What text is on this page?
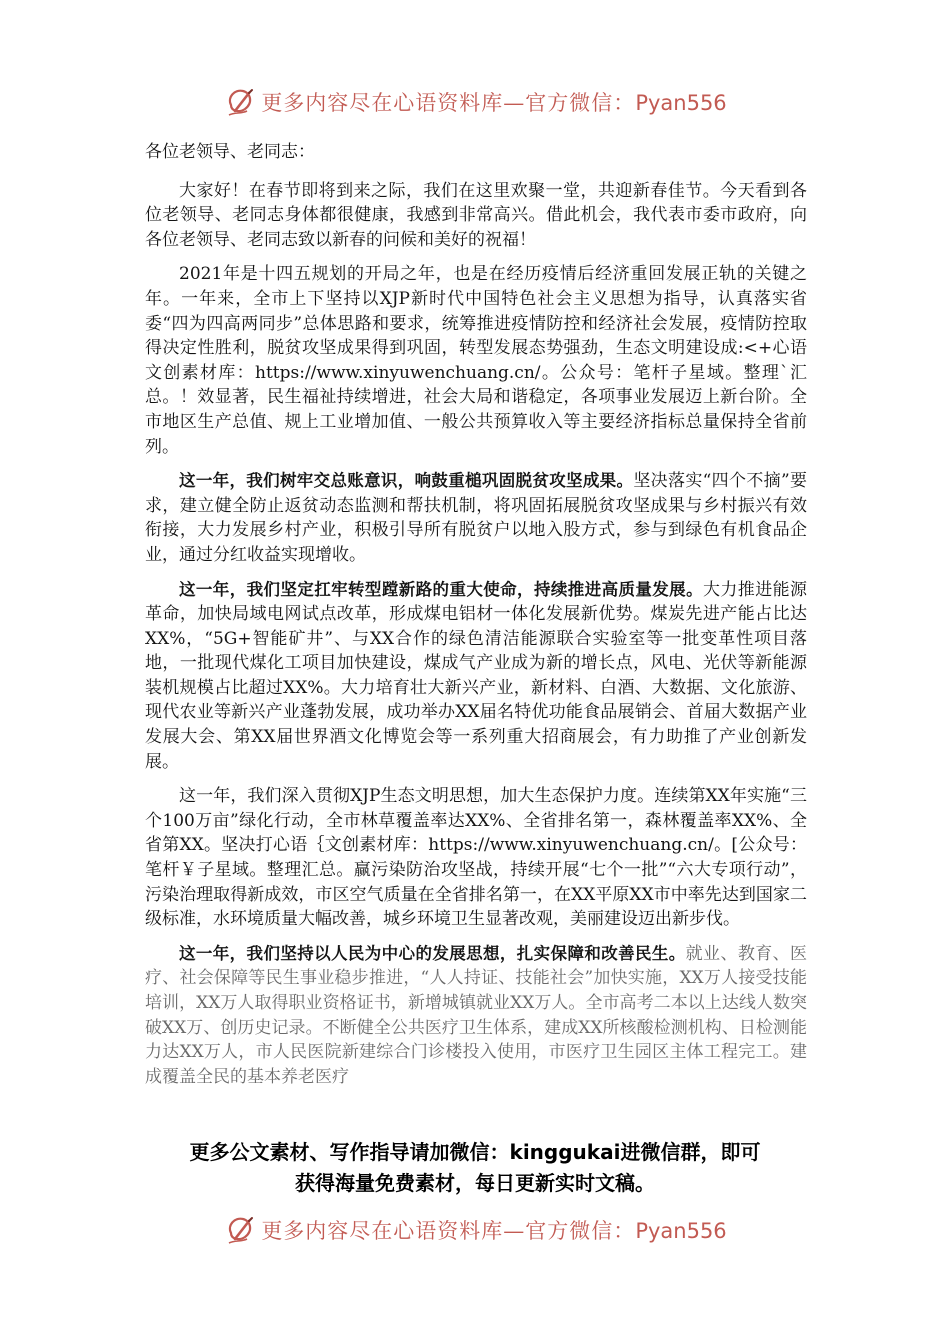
更多内容尽在心语资料库—官方微信：Pyan556

各位老领导、老同志：

大家好！在春节即将到来之际，我们在这里欢聚一堂，共迎新春佳节。今天看到各位老领导、老同志身体都很健康，我感到非常高兴。借此机会，我代表市委市政府，向各位老领导、老同志致以新春的问候和美好的祝福！

2021年是十四五规划的开局之年，也是在经历疫情后经济重回发展正轨的关键之年。一年来，全市上下坚持以XJP新时代中国特色社会主义思想为指导，认真落实省委“四为四高两同步”总体思路和要求，统筹推进疫情防控和经济社会发展，疫情防控取得决定性胜利，脱贫攻坚成果得到巩固，转型发展态势强劲，生态文明建设成:<+心语文创素材库：https://www.xinyuwenchuang.cn/。公众号：笔杆子星域。整理`汇总。！效显著，民生福祉持续增进，社会大局和谐稳定，各项事业发展迈上新台阶。全市地区生产总值、规上工业增加值、一般公共预算收入等主要经济指标总量保持全省前列。

这一年，我们树牢交总账意识，响鼓重槌巩固脱贫攻坚成果。坚决落实“四个不摘”要求，建立健全防止返贫动态监测和帮扶机制，将巩固拓展脱贫攻坚成果与乡村振兴有效衔接，大力发展乡村产业，积极引导所有脱贫户以地入股方式，参与到绿色有机食品企业，通过分红收益实现增收。

这一年，我们坚定扛牢转型蹚新路的重大使命，持续推进高质量发展。大力推进能源革命，加快局域电网试点改革，形成煤电铝材一体化发展新优势。煤炭先进产能占比达XX%，“5G+智能矿井”、与XX合作的绿色清洁能源联合实验室等一批变革性项目落地，一批现代煤化工项目加快建设，煤成气产业成为新的增长点，风电、光伏等新能源装机规模占比超过XX%。大力培育壮大新兴产业，新材料、白酒、大数据、文化旅游、现代农业等新兴产业蓬勃发展，成功举办XX届名特优功能食品展销会、首届大数据产业发展大会、第XX届世界酒文化博览会等一系列重大招商展会，有力助推了产业创新发展。

这一年，我们深入贯彻XJP生态文明思想，加大生态保护力度。连续第XX年实施“三个100万亩”绿化行动，全市林草覆盖率达XX%、全省排名第一，森林覆盖率XX%、全省第XX。坚决打心语｛文创素材库：https://www.xinyuwenchuang.cn/。[公众号：笔杆￥子星域。整理汇总。赢污染防治攻坚战，持续开展“七个一批”“六大专项行动”，污染治理取得新成效，市区空气质量在全省排名第一，在XX平原XX市中率先达到国家二级标准，水环境质量大幅改善，城乡环境卫生显著改观，美丽建设迈出新步伐。

这一年，我们坚持以人民为中心的发展思想，扎实保障和改善民生。就业、教育、医疗、社会保障等民生事业稳步推进，“人人持证、技能社会”加快实施，XX万人接受技能培训，XX万人取得职业资格证书，新增城镇就业XX万人。全市高考二本以上达线人数突破XX万、创历史记录。不断健全公共医疗卫生体系，建成XX所核酸检测机构、日检测能力达XX万人，市人民医院新建综合门诊楼投入使用，市医疗卫生园区主体工程完工。建成覆盖全民的基本养老医疗

更多公文素材、写作指导请加微信：kinggukai进微信群，即可
获得海量免费素材，每日更新实时文稿。
更多内容尽在心语资料库—官方微信：Pyan556
